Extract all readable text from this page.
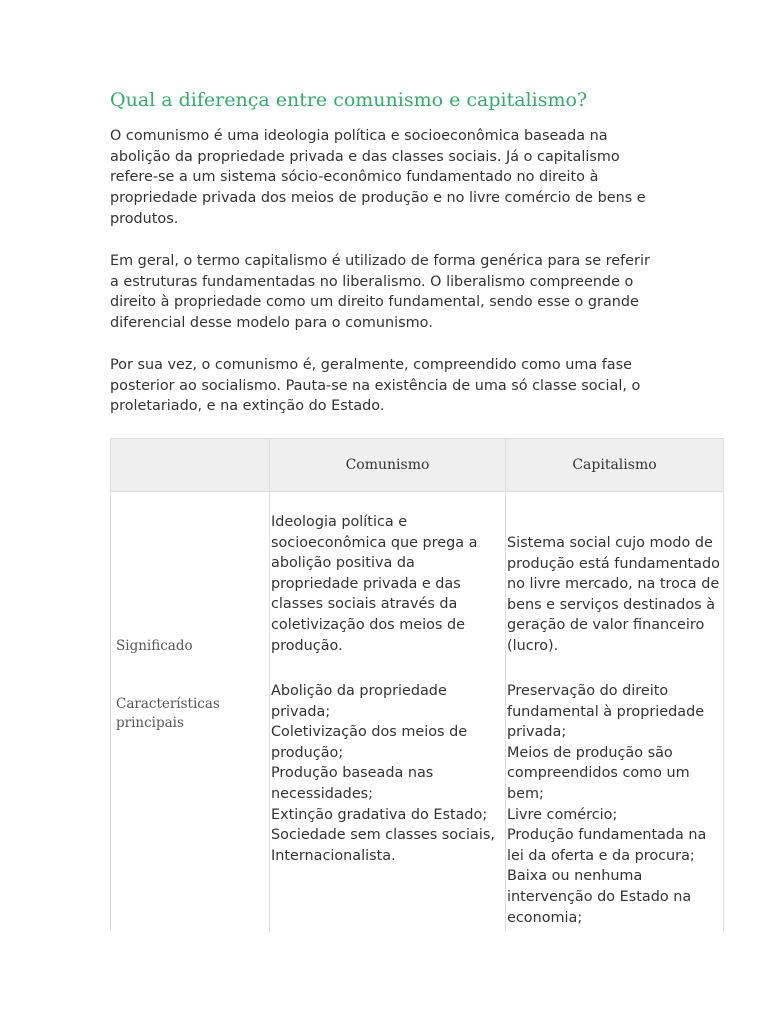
Qual a diferença entre comunismo e capitalismo?

O comunismo é uma ideologia política e socioeconômica baseada na
abolição da propriedade privada e das classes sociais. Já o capitalismo
refere-se a um sistema sócio-econômico fundamentado no direito à
propriedade privada dos meios de produção e no livre comércio de bens e
produtos.

Em geral, o termo capitalismo é utilizado de forma genérica para se referir
a estruturas fundamentadas no liberalismo. O liberalismo compreende o
direito à propriedade como um direito fundamental, sendo esse o grande
diferencial desse modelo para o comunismo.

Por sua vez, o comunismo é, geralmente, compreendido como uma fase
posterior ao socialismo. Pauta-se na existência de uma só classe social, o
proletariado, e na extinção do Estado.

Comunismo	Capitalismo
Significado
Características
principais
Ideologia política e
socioeconômica que prega a
abolição positiva da
propriedade privada e das
classes sociais através da
coletivização dos meios de
produção.
Abolição da propriedade
privada;
Coletivização dos meios de
produção;
Produção baseada nas
necessidades;
Extinção gradativa do Estado;
Sociedade sem classes sociais,
Internacionalista.
Sistema social cujo modo de
produção está fundamentado
no livre mercado, na troca de
bens e serviços destinados à
geração de valor financeiro
(lucro).
Preservação do direito
fundamental à propriedade
privada;
Meios de produção são
compreendidos como um
bem;
Livre comércio;
Produção fundamentada na
lei da oferta e da procura;
Baixa ou nenhuma
intervenção do Estado na
economia;
